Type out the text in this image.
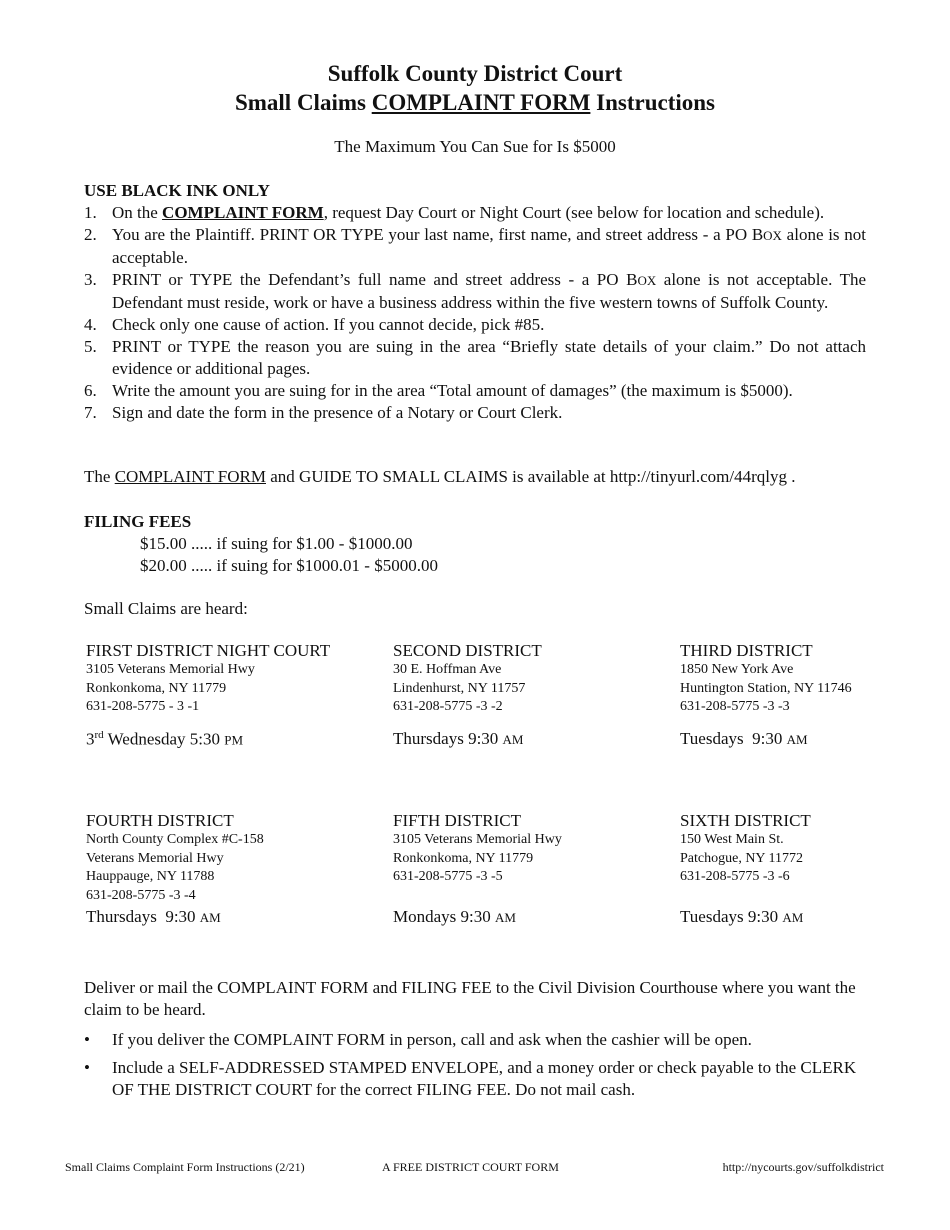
Suffolk County District Court
Small Claims COMPLAINT FORM Instructions
The Maximum You Can Sue for Is $5000
USE BLACK INK ONLY
1. On the COMPLAINT FORM, request Day Court or Night Court (see below for location and schedule).
2. You are the Plaintiff. PRINT OR TYPE your last name, first name, and street address - a PO BOX alone is not acceptable.
3. PRINT or TYPE the Defendant’s full name and street address - a PO BOX alone is not acceptable. The Defendant must reside, work or have a business address within the five western towns of Suffolk County.
4. Check only one cause of action. If you cannot decide, pick #85.
5. PRINT or TYPE the reason you are suing in the area “Briefly state details of your claim.” Do not attach evidence or additional pages.
6. Write the amount you are suing for in the area “Total amount of damages” (the maximum is $5000).
7. Sign and date the form in the presence of a Notary or Court Clerk.
The COMPLAINT FORM and GUIDE TO SMALL CLAIMS is available at http://tinyurl.com/44rqlyg .
FILING FEES
$15.00 ..... if suing for $1.00 - $1000.00
$20.00 ..... if suing for $1000.01 - $5000.00
Small Claims are heard:
FIRST DISTRICT NIGHT COURT
3105 Veterans Memorial Hwy
Ronkonkoma, NY 11779
631-208-5775 - 3 -1
3rd Wednesday 5:30 PM
SECOND DISTRICT
30 E. Hoffman Ave
Lindenhurst, NY 11757
631-208-5775 -3 -2
Thursdays 9:30 AM
THIRD DISTRICT
1850 New York Ave
Huntington Station, NY 11746
631-208-5775 -3 -3
Tuesdays  9:30 AM
FOURTH DISTRICT
North County Complex #C-158
Veterans Memorial Hwy
Hauppauge, NY 11788
631-208-5775 -3 -4
Thursdays  9:30 AM
FIFTH DISTRICT
3105 Veterans Memorial Hwy
Ronkonkoma, NY 11779
631-208-5775 -3 -5
Mondays 9:30 AM
SIXTH DISTRICT
150 West Main St.
Patchogue, NY 11772
631-208-5775 -3 -6
Tuesdays 9:30 AM
Deliver or mail the COMPLAINT FORM and FILING FEE to the Civil Division Courthouse where you want the claim to be heard.
• If you deliver the COMPLAINT FORM in person, call and ask when the cashier will be open.
• Include a SELF-ADDRESSED STAMPED ENVELOPE, and a money order or check payable to the CLERK OF THE DISTRICT COURT for the correct FILING FEE. Do not mail cash.
Small Claims Complaint Form Instructions (2/21)	A FREE DISTRICT COURT FORM	http://nycourts.gov/suffolkdistrict
